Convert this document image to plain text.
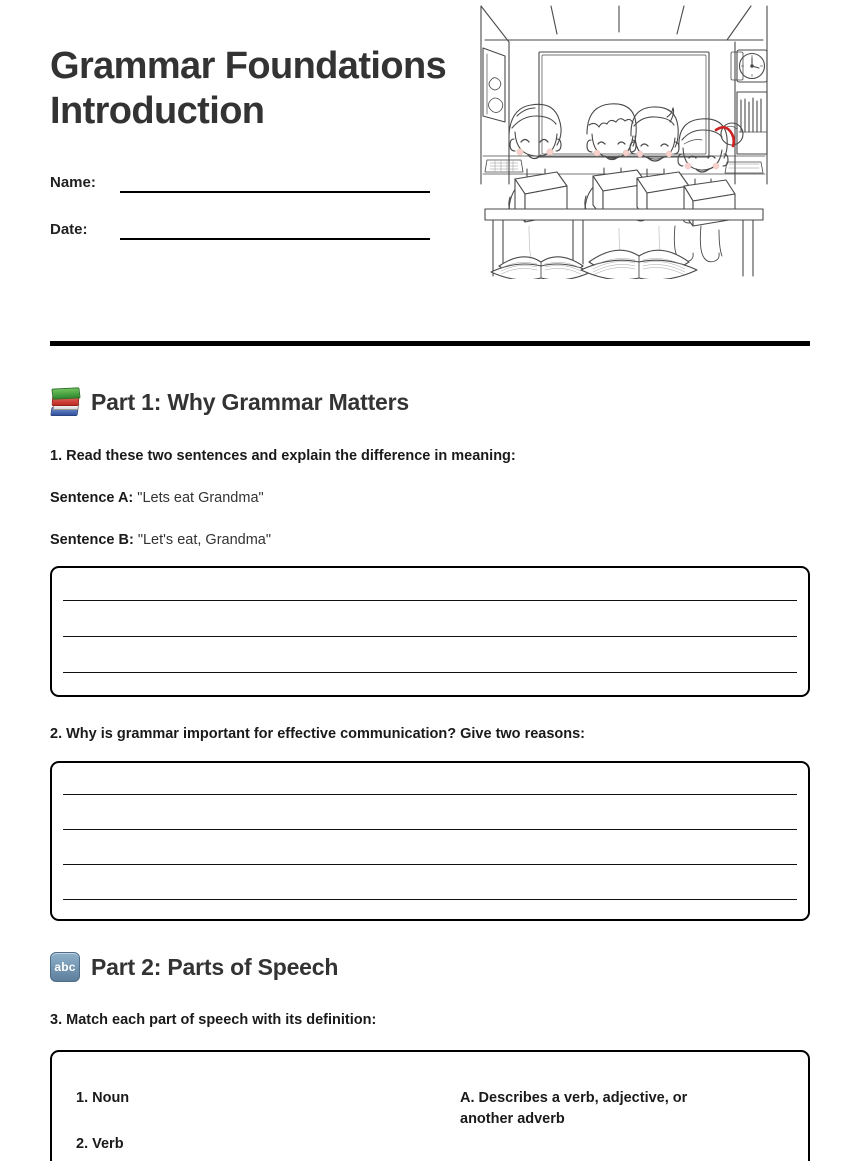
Grammar Foundations Introduction
Name:
Date:
Part 1: Why Grammar Matters
1. Read these two sentences and explain the difference in meaning:
Sentence A: "Lets eat Grandma"
Sentence B: "Let's eat, Grandma"
2. Why is grammar important for effective communication? Give two reasons:
abc Part 2: Parts of Speech
3. Match each part of speech with its definition:
1. Noun
2. Verb
A. Describes a verb, adjective, or another adverb
